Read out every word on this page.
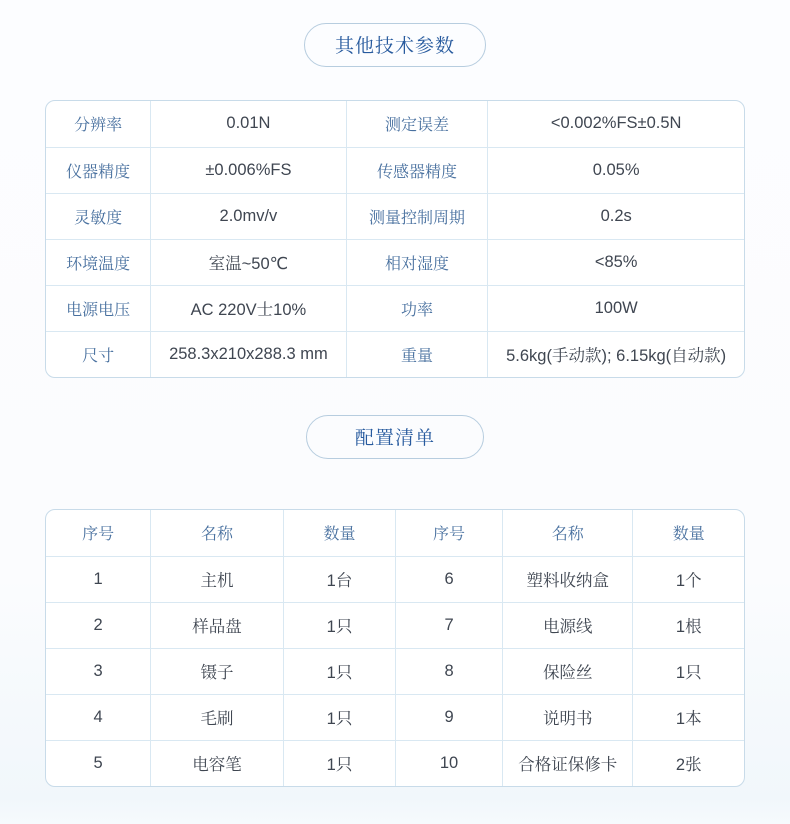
其他技术参数
分辨率	0.01N	测定误差	<0.002%FS±0.5N
仪器精度	±0.006%FS	传感器精度	0.05%
灵敏度	2.0mv/v	测量控制周期	0.2s
环境温度	室温~50℃	相对湿度	<85%
电源电压	AC 220V士10%	功率	100W
尺寸	258.3x210x288.3 mm	重量	5.6kg(手动款); 6.15kg(自动款)
配置清单
序号	名称	数量	序号	名称	数量
1	主机	1台	6	塑料收纳盒	1个
2	样品盘	1只	7	电源线	1根
3	镊子	1只	8	保险丝	1只
4	毛刷	1只	9	说明书	1本
5	电容笔	1只	10	合格证保修卡	2张
